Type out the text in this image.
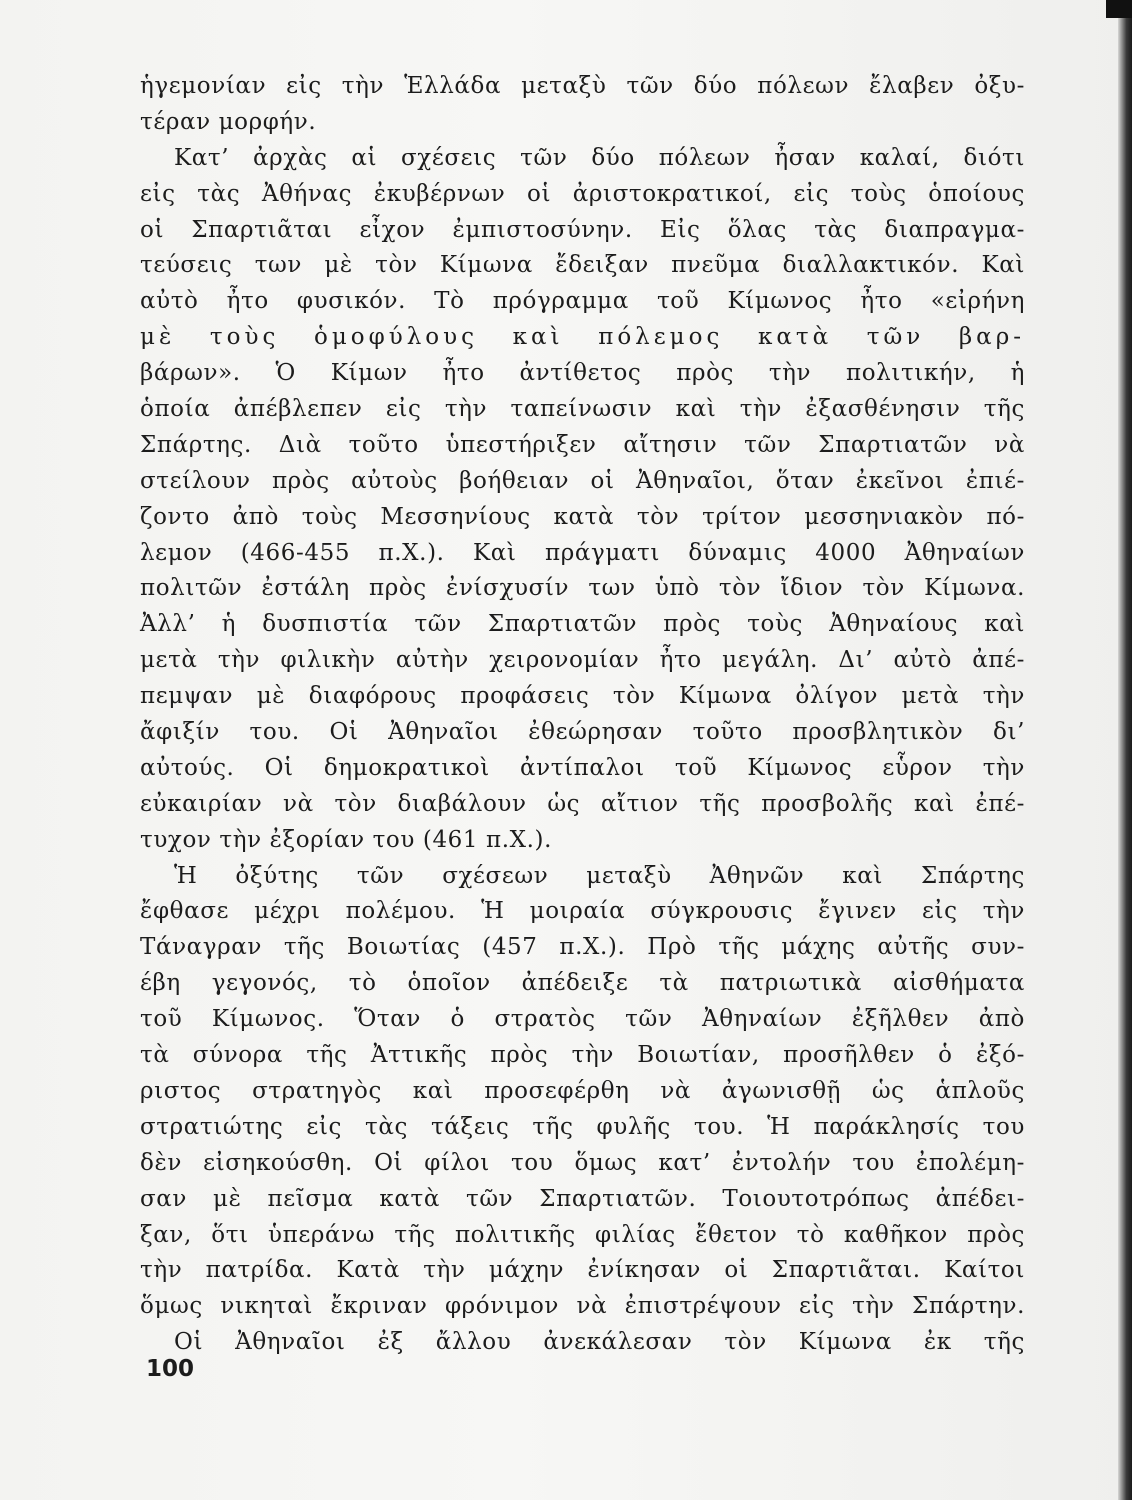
ἡγεμονίαν εἰς τὴν Ἑλλάδα μεταξὺ τῶν δύο πόλεων ἔλαβεν ὀξυ-
τέραν μορφήν.
Κατ’ ἀρχὰς αἱ σχέσεις τῶν δύο πόλεων ἦσαν καλαί, διότι
εἰς τὰς Ἀθήνας ἐκυβέρνων οἱ ἀριστοκρατικοί, εἰς τοὺς ὁποίους
οἱ Σπαρτιᾶται εἶχον ἐμπιστοσύνην. Εἰς ὅλας τὰς διαπραγμα-
τεύσεις των μὲ τὸν Κίμωνα ἔδειξαν πνεῦμα διαλλακτικόν. Καὶ
αὐτὸ ἦτο φυσικόν. Τὸ πρόγραμμα τοῦ Κίμωνος ἦτο «εἰρήνη
μὲ τοὺς ὁμοφύλους καὶ πόλεμος κατὰ τῶν βαρ-
βάρων». Ὁ Κίμων ἦτο ἀντίθετος πρὸς τὴν πολιτικήν, ἡ
ὁποία ἀπέβλεπεν εἰς τὴν ταπείνωσιν καὶ τὴν ἐξασθένησιν τῆς
Σπάρτης. Διὰ τοῦτο ὑπεστήριξεν αἴτησιν τῶν Σπαρτιατῶν νὰ
στείλουν πρὸς αὐτοὺς βοήθειαν οἱ Ἀθηναῖοι, ὅταν ἐκεῖνοι ἐπιέ-
ζοντο ἀπὸ τοὺς Μεσσηνίους κατὰ τὸν τρίτον μεσσηνιακὸν πό-
λεμον (466-455 π.Χ.). Καὶ πράγματι δύναμις 4000 Ἀθηναίων
πολιτῶν ἐστάλη πρὸς ἐνίσχυσίν των ὑπὸ τὸν ἴδιον τὸν Κίμωνα.
Ἀλλ’ ἡ δυσπιστία τῶν Σπαρτιατῶν πρὸς τοὺς Ἀθηναίους καὶ
μετὰ τὴν φιλικὴν αὐτὴν χειρονομίαν ἦτο μεγάλη. Δι’ αὐτὸ ἀπέ-
πεμψαν μὲ διαφόρους προφάσεις τὸν Κίμωνα ὀλίγον μετὰ τὴν
ἄφιξίν του. Οἱ Ἀθηναῖοι ἐθεώρησαν τοῦτο προσβλητικὸν δι’
αὐτούς. Οἱ δημοκρατικοὶ ἀντίπαλοι τοῦ Κίμωνος εὗρον τὴν
εὐκαιρίαν νὰ τὸν διαβάλουν ὡς αἴτιον τῆς προσβολῆς καὶ ἐπέ-
τυχον τὴν ἐξορίαν του (461 π.Χ.).
Ἡ ὀξύτης τῶν σχέσεων μεταξὺ Ἀθηνῶν καὶ Σπάρτης
ἔφθασε μέχρι πολέμου. Ἡ μοιραία σύγκρουσις ἔγινεν εἰς τὴν
Τάναγραν τῆς Βοιωτίας (457 π.Χ.). Πρὸ τῆς μάχης αὐτῆς συν-
έβη γεγονός, τὸ ὁποῖον ἀπέδειξε τὰ πατριωτικὰ αἰσθήματα
τοῦ Κίμωνος. Ὅταν ὁ στρατὸς τῶν Ἀθηναίων ἐξῆλθεν ἀπὸ
τὰ σύνορα τῆς Ἀττικῆς πρὸς τὴν Βοιωτίαν, προσῆλθεν ὁ ἐξό-
ριστος στρατηγὸς καὶ προσεφέρθη νὰ ἀγωνισθῇ ὡς ἁπλοῦς
στρατιώτης εἰς τὰς τάξεις τῆς φυλῆς του. Ἡ παράκλησίς του
δὲν εἰσηκούσθη. Οἱ φίλοι του ὅμως κατ’ ἐντολήν του ἐπολέμη-
σαν μὲ πεῖσμα κατὰ τῶν Σπαρτιατῶν. Τοιουτοτρόπως ἀπέδει-
ξαν, ὅτι ὑπεράνω τῆς πολιτικῆς φιλίας ἔθετον τὸ καθῆκον πρὸς
τὴν πατρίδα. Κατὰ τὴν μάχην ἐνίκησαν οἱ Σπαρτιᾶται. Καίτοι
ὅμως νικηταὶ ἔκριναν φρόνιμον νὰ ἐπιστρέψουν εἰς τὴν Σπάρτην.
Οἱ Ἀθηναῖοι ἐξ ἄλλου ἀνεκάλεσαν τὸν Κίμωνα ἐκ τῆς
100
